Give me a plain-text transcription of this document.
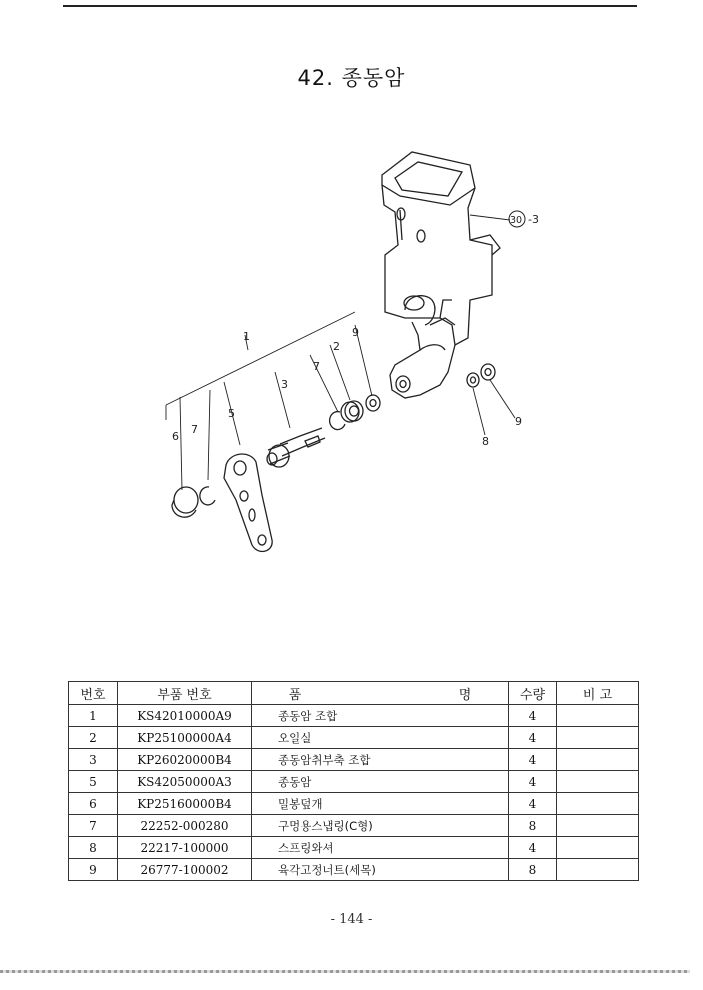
42. 종동암
1
2
3
5
6
7
7
8
9
9
30 -3
번호	부품 번호	품 명	수량	비 고
1	KS42010000A9	종동암 조합	4	
2	KP25100000A4	오일실	4	
3	KP26020000B4	종동암취부축 조합	4	
5	KS42050000A3	종동암	4	
6	KP25160000B4	밀봉덮개	4	
7	22252-000280	구멍용스냅링(C형)	8	
8	22217-100000	스프링와셔	4	
9	26777-100002	육각고정너트(세목)	8	
- 144 -
